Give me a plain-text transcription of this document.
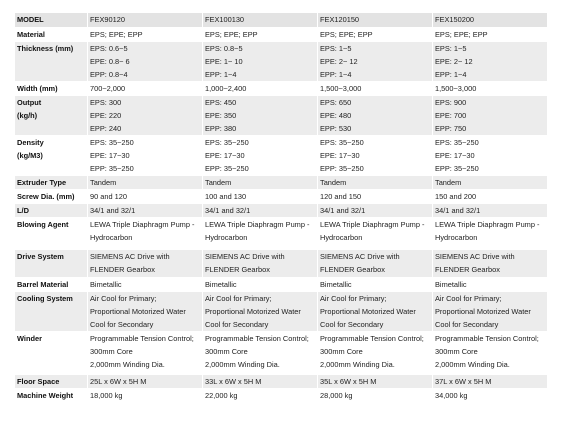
MODEL	FEX90120	FEX100130	FEX120150	FEX150200

Material	EPS; EPE; EPP	EPS; EPE; EPP	EPS; EPE; EPP	EPS; EPE; EPP

Thickness (mm)	EPS: 0.6~5
EPE: 0.8~ 6
EPP: 0.8~4	EPS: 0.8~5
EPE: 1~ 10
EPP: 1~4	EPS: 1~5
EPE: 2~ 12
EPP: 1~4	EPS: 1~5
EPE: 2~ 12
EPP: 1~4

Width (mm)	700~2,000	1,000~2,400	1,500~3,000	1,500~3,000

Output
(kg/h)	EPS: 300
EPE: 220
EPP: 240	EPS: 450
EPE: 350
EPP: 380	EPS: 650
EPE: 480
EPP: 530	EPS: 900
EPE: 700
EPP: 750

Density
(kg/M3)	EPS: 35~250
EPE: 17~30
EPP: 35~250	EPS: 35~250
EPE: 17~30
EPP: 35~250	EPS: 35~250
EPE: 17~30
EPP: 35~250	EPS: 35~250
EPE: 17~30
EPP: 35~250

Extruder Type	Tandem	Tandem	Tandem	Tandem

Screw Dia. (mm)	90 and 120	100 and 130	120 and 150	150 and 200

L/D	34/1 and 32/1	34/1 and 32/1	34/1 and 32/1	34/1 and 32/1

Blowing Agent	LEWA Triple Diaphragm Pump -
Hydrocarbon	LEWA Triple Diaphragm Pump -
Hydrocarbon	LEWA Triple Diaphragm Pump -
Hydrocarbon	LEWA Triple Diaphragm Pump -
Hydrocarbon

Drive System	SIEMENS AC Drive with
FLENDER Gearbox	SIEMENS AC Drive with
FLENDER Gearbox	SIEMENS AC Drive with
FLENDER Gearbox	SIEMENS AC Drive with
FLENDER Gearbox

Barrel Material	Bimetallic	Bimetallic	Bimetallic	Bimetallic

Cooling System	Air Cool for Primary;
Proportional Motorized Water
Cool for Secondary	Air Cool for Primary;
Proportional Motorized Water
Cool for Secondary	Air Cool for Primary;
Proportional Motorized Water
Cool for Secondary	Air Cool for Primary;
Proportional Motorized Water
Cool for Secondary

Winder	Programmable Tension Control;
300mm Core
2,000mm Winding Dia.	Programmable Tension Control;
300mm Core
2,000mm Winding Dia.	Programmable Tension Control;
300mm Core
2,000mm Winding Dia.	Programmable Tension Control;
300mm Core
2,000mm Winding Dia.

Floor Space	25L x 6W x 5H M	33L x 6W x 5H M	35L x 6W x 5H M	37L x 6W x 5H M

Machine Weight	18,000 kg	22,000 kg	28,000 kg	34,000 kg
